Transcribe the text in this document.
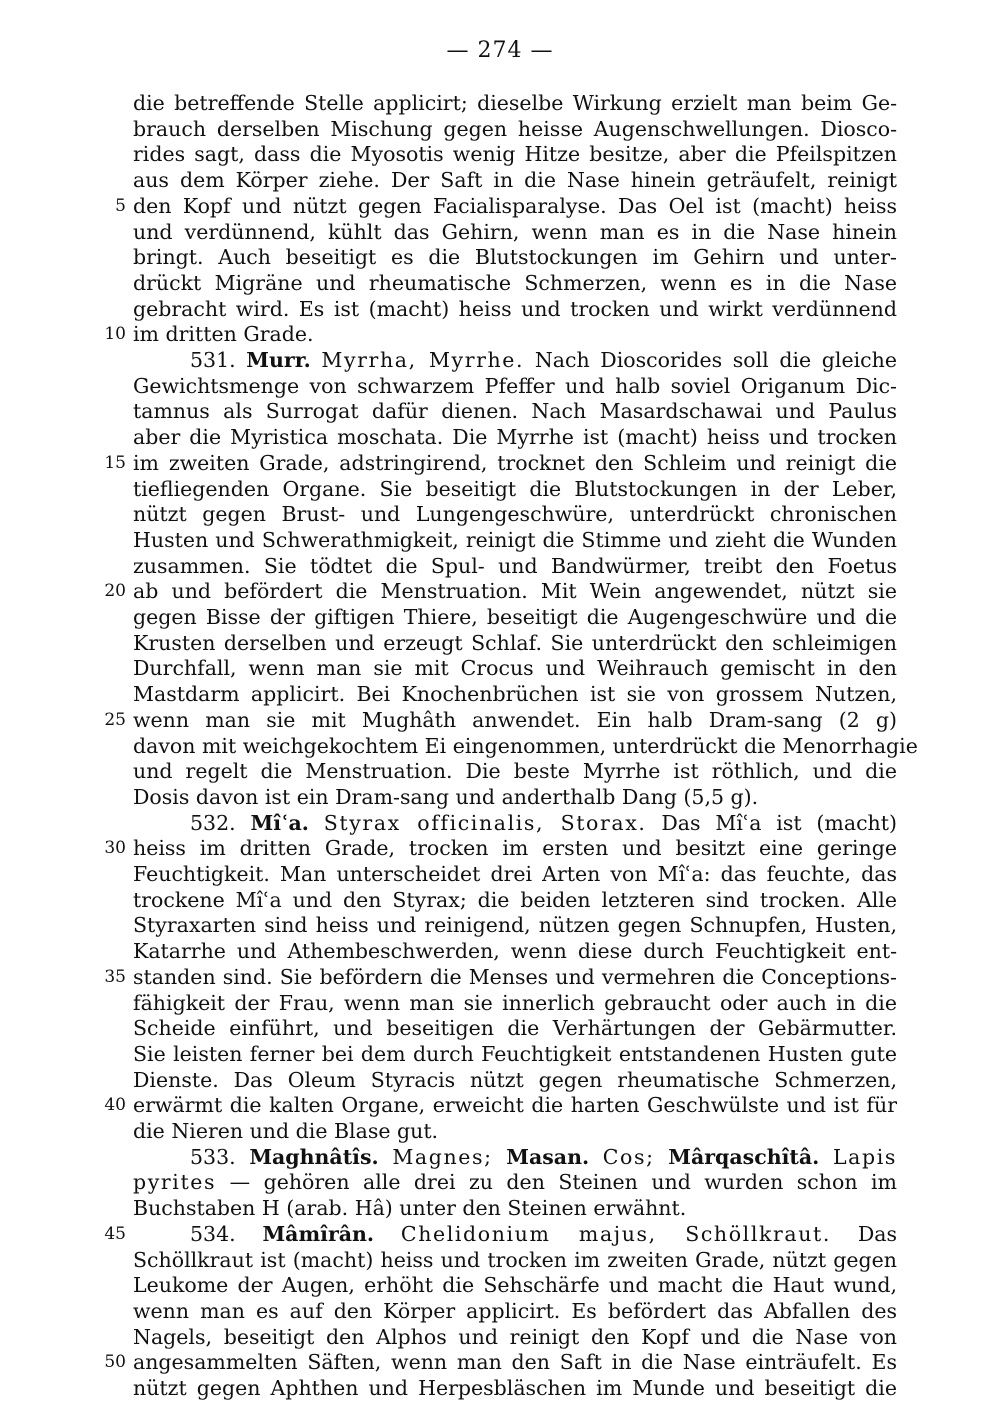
— 274 —
die betreffende Stelle applicirt; dieselbe Wirkung erzielt man beim Ge-
brauch derselben Mischung gegen heisse Augenschwellungen. Diosco-
rides sagt, dass die Myosotis wenig Hitze besitze, aber die Pfeilspitzen
aus dem Körper ziehe. Der Saft in die Nase hinein geträufelt, reinigt
den Kopf und nützt gegen Facialisparalyse. Das Oel ist (macht) heiss
5
und verdünnend, kühlt das Gehirn, wenn man es in die Nase hinein
bringt. Auch beseitigt es die Blutstockungen im Gehirn und unter-
drückt Migräne und rheumatische Schmerzen, wenn es in die Nase
gebracht wird. Es ist (macht) heiss und trocken und wirkt verdünnend
im dritten Grade.
10
531. Murr. Myrrha, Myrrhe. Nach Dioscorides soll die gleiche
Gewichtsmenge von schwarzem Pfeffer und halb soviel Origanum Dic-
tamnus als Surrogat dafür dienen. Nach Masardschawai und Paulus
aber die Myristica moschata. Die Myrrhe ist (macht) heiss und trocken
im zweiten Grade, adstringirend, trocknet den Schleim und reinigt die
15
tiefliegenden Organe. Sie beseitigt die Blutstockungen in der Leber,
nützt gegen Brust- und Lungengeschwüre, unterdrückt chronischen
Husten und Schwerathmigkeit, reinigt die Stimme und zieht die Wunden
zusammen. Sie tödtet die Spul- und Bandwürmer, treibt den Foetus
ab und befördert die Menstruation. Mit Wein angewendet, nützt sie
20
gegen Bisse der giftigen Thiere, beseitigt die Augengeschwüre und die
Krusten derselben und erzeugt Schlaf. Sie unterdrückt den schleimigen
Durchfall, wenn man sie mit Crocus und Weihrauch gemischt in den
Mastdarm applicirt. Bei Knochenbrüchen ist sie von grossem Nutzen,
wenn man sie mit Mughâth anwendet. Ein halb Dram-sang (2 g)
25
davon mit weichgekochtem Ei eingenommen, unterdrückt die Menorrhagie
und regelt die Menstruation. Die beste Myrrhe ist röthlich, und die
Dosis davon ist ein Dram-sang und anderthalb Dang (5,5 g).
532. Mîʿa. Styrax officinalis, Storax. Das Mîʿa ist (macht)
heiss im dritten Grade, trocken im ersten und besitzt eine geringe
30
Feuchtigkeit. Man unterscheidet drei Arten von Mîʿa: das feuchte, das
trockene Mîʿa und den Styrax; die beiden letzteren sind trocken. Alle
Styraxarten sind heiss und reinigend, nützen gegen Schnupfen, Husten,
Katarrhe und Athembeschwerden, wenn diese durch Feuchtigkeit ent-
standen sind. Sie befördern die Menses und vermehren die Conceptions-
35
fähigkeit der Frau, wenn man sie innerlich gebraucht oder auch in die
Scheide einführt, und beseitigen die Verhärtungen der Gebärmutter.
Sie leisten ferner bei dem durch Feuchtigkeit entstandenen Husten gute
Dienste. Das Oleum Styracis nützt gegen rheumatische Schmerzen,
erwärmt die kalten Organe, erweicht die harten Geschwülste und ist für
40
die Nieren und die Blase gut.
533. Maghnâtîs. Magnes; Masan. Cos; Mârqaschîtâ. Lapis
pyrites — gehören alle drei zu den Steinen und wurden schon im
Buchstaben H (arab. Hâ) unter den Steinen erwähnt.
534. Mâmîrân. Chelidonium majus, Schöllkraut. Das
45
Schöllkraut ist (macht) heiss und trocken im zweiten Grade, nützt gegen
Leukome der Augen, erhöht die Sehschärfe und macht die Haut wund,
wenn man es auf den Körper applicirt. Es befördert das Abfallen des
Nagels, beseitigt den Alphos und reinigt den Kopf und die Nase von
angesammelten Säften, wenn man den Saft in die Nase einträufelt. Es
50
nützt gegen Aphthen und Herpesbläschen im Munde und beseitigt die
